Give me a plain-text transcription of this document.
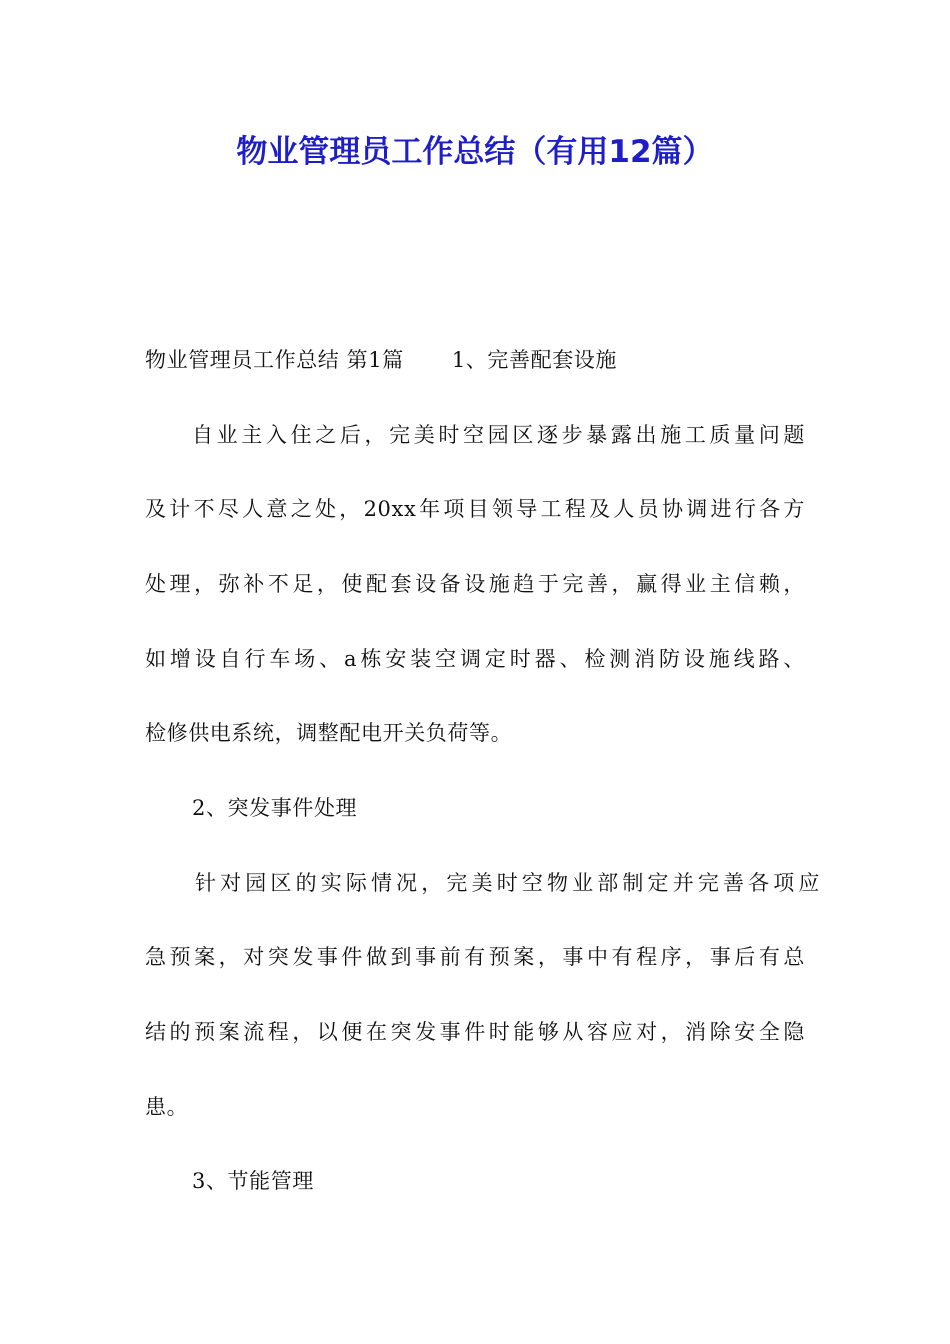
物业管理员工作总结（有用12篇）
物业管理员工作总结 第1篇 1、完善配套设施
自业主入住之后，完美时空园区逐步暴露出施工质量问题
及计不尽人意之处，20xx年项目领导工程及人员协调进行各方
处理，弥补不足，使配套设备设施趋于完善，赢得业主信赖，
如增设自行车场、a栋安装空调定时器、检测消防设施线路、
检修供电系统，调整配电开关负荷等。
2、突发事件处理
针对园区的实际情况，完美时空物业部制定并完善各项应
急预案，对突发事件做到事前有预案，事中有程序，事后有总
结的预案流程，以便在突发事件时能够从容应对，消除安全隐
患。
3、节能管理
